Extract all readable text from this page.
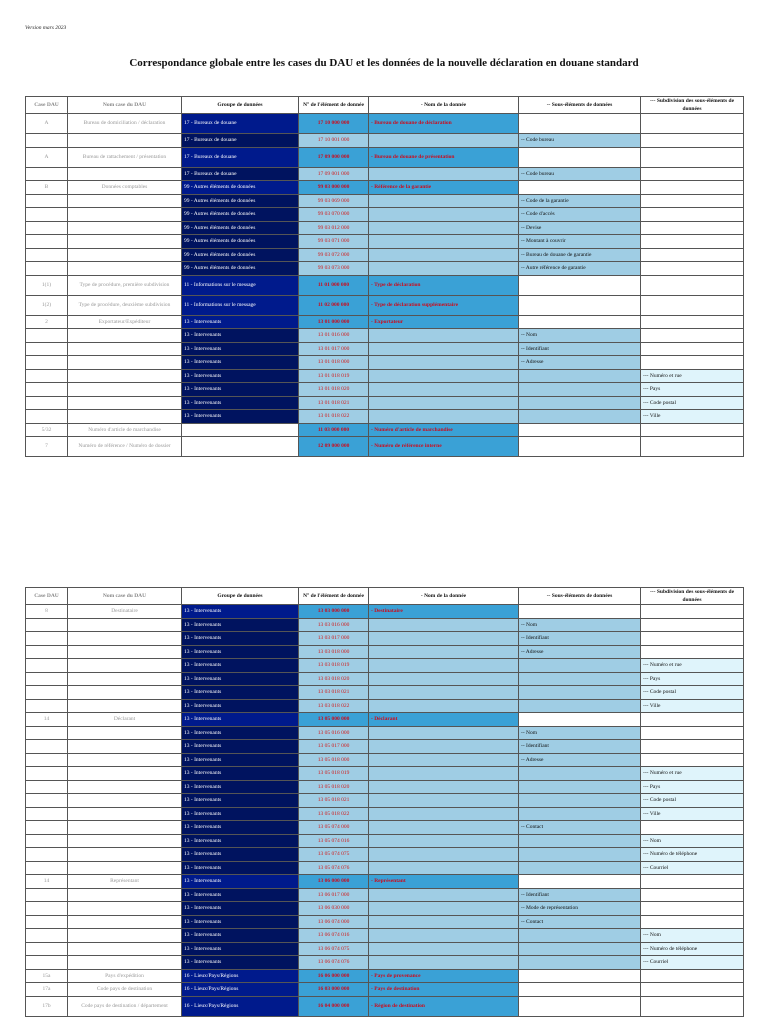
Version mars 2023
Correspondance globale entre les cases du DAU et les données de la nouvelle déclaration en douane standard
Case DAU	Nom case du DAU	Groupe de données	N° de l'élément de donnée	- Nom de la donnée	-- Sous-éléments de données	--- Subdivision des sous-éléments de données
A	Bureau de domiciliation / déclaration	17 - Bureaux de douane	17 10 000 000	- Bureau de douane de déclaration		
		17 - Bureaux de douane	17 10 001 000		-- Code bureau	
A	Bureau de rattachement / présentation	17 - Bureaux de douane	17 09 000 000	- Bureau de douane de présentation		
		17 - Bureaux de douane	17 09 001 000		-- Code bureau	
B	Données comptables	99 - Autres éléments de données	99 03 000 000	- Référence de la garantie		
		99 - Autres éléments de données	99 03 069 000		-- Code de la garantie	
		99 - Autres éléments de données	99 03 070 000		-- Code d'accès	
		99 - Autres éléments de données	99 03 012 000		-- Devise	
		99 - Autres éléments de données	99 03 071 000		-- Montant à couvrir	
		99 - Autres éléments de données	99 03 072 000		-- Bureau de douane de garantie	
		99 - Autres éléments de données	99 03 073 000		-- Autre référence de garantie	
1(1)	Type de procédure, première subdivision	11 - Informations sur le message	11 01 000 000	- Type de déclaration		
1(2)	Type de procédure, deuxième subdivision	11 - Informations sur le message	11 02 000 000	- Type de déclaration supplémentaire		
2	Exportateur/Expéditeur	13 - Intervenants	13 01 000 000	- Exportateur		
		13 - Intervenants	13 01 016 000		-- Nom	
		13 - Intervenants	13 01 017 000		-- Identifiant	
		13 - Intervenants	13 01 018 000		-- Adresse	
		13 - Intervenants	13 01 018 019			--- Numéro et rue
		13 - Intervenants	13 01 018 020			--- Pays
		13 - Intervenants	13 01 018 021			--- Code postal
		13 - Intervenants	13 01 018 022			--- Ville
5/32	Numéro d'article de marchandise		11 03 000 000	- Numéro d'article de marchandise		
7	Numéro de référence / Numéro de dossier		12 09 000 000	- Numéro de référence interne		
Case DAU	Nom case du DAU	Groupe de données	N° de l'élément de donnée	- Nom de la donnée	-- Sous-éléments de données	--- Subdivision des sous-éléments de données
8	Destinataire	13 - Intervenants	13 03 000 000	- Destinataire		
		13 - Intervenants	13 03 016 000		-- Nom	
		13 - Intervenants	13 03 017 000		-- Identifiant	
		13 - Intervenants	13 03 018 000		-- Adresse	
		13 - Intervenants	13 03 018 019			--- Numéro et rue
		13 - Intervenants	13 03 018 020			--- Pays
		13 - Intervenants	13 03 018 021			--- Code postal
		13 - Intervenants	13 03 018 022			--- Ville
14	Déclarant	13 - Intervenants	13 05 000 000	- Déclarant		
		13 - Intervenants	13 05 016 000		-- Nom	
		13 - Intervenants	13 05 017 000		-- Identifiant	
		13 - Intervenants	13 05 018 000		-- Adresse	
		13 - Intervenants	13 05 018 019			--- Numéro et rue
		13 - Intervenants	13 05 018 020			--- Pays
		13 - Intervenants	13 05 018 021			--- Code postal
		13 - Intervenants	13 05 018 022			--- Ville
		13 - Intervenants	13 05 074 000		-- Contact	
		13 - Intervenants	13 05 074 016			--- Nom
		13 - Intervenants	13 05 074 075			--- Numéro de téléphone
		13 - Intervenants	13 05 074 076			--- Courriel
14	Représentant	13 - Intervenants	13 06 000 000	- Représentant		
		13 - Intervenants	13 06 017 000		-- Identifiant	
		13 - Intervenants	13 06 030 000		-- Mode de représentation	
		13 - Intervenants	13 06 074 000		-- Contact	
		13 - Intervenants	13 06 074 016			--- Nom
		13 - Intervenants	13 06 074 075			--- Numéro de téléphone
		13 - Intervenants	13 06 074 076			--- Courriel
15a	Pays d'expédition	16 - Lieux/Pays/Régions	16 06 000 000	- Pays de provenance		
17a	Code pays de destination	16 - Lieux/Pays/Régions	16 03 000 000	- Pays de destination		
17b	Code pays de destination / département	16 - Lieux/Pays/Régions	16 04 000 000	- Région de destination		
